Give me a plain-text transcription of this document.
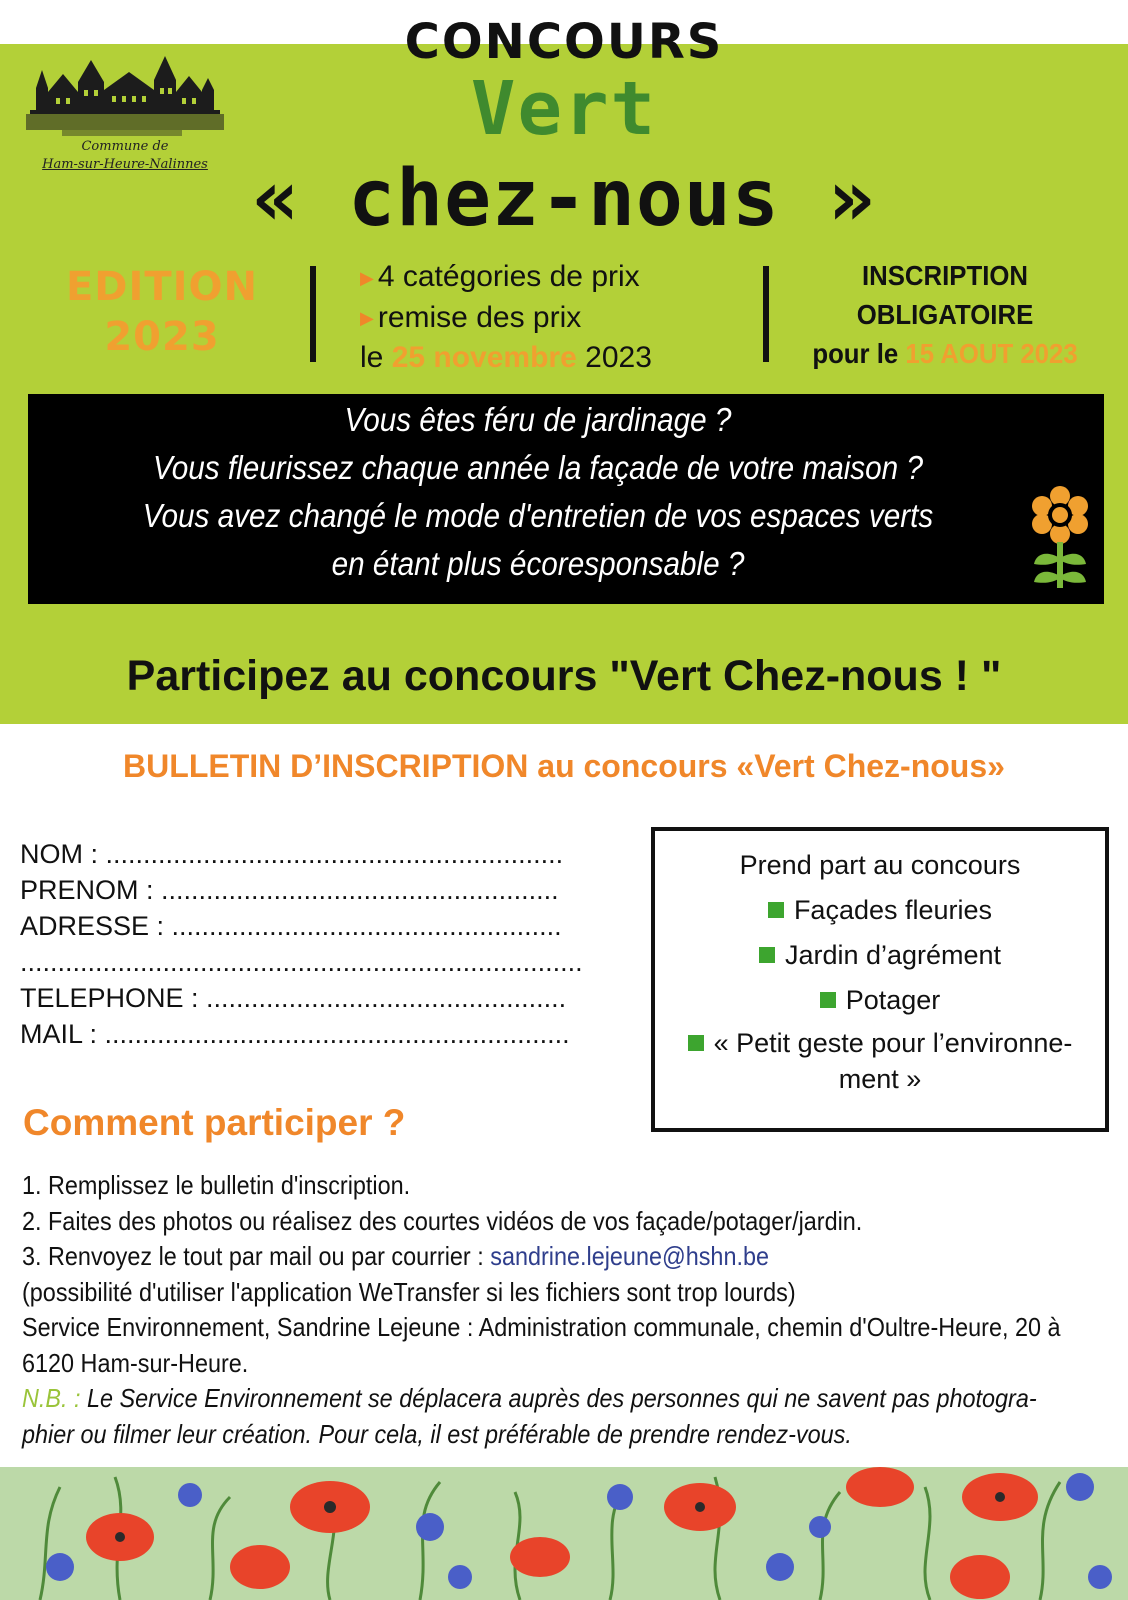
CONCOURS
Vert
« chez-nous »
Commune de
Ham-sur-Heure-Nalinnes
EDITION
2023
▶ 4 catégories de prix
▶ remise des prix
le 25 novembre 2023
INSCRIPTION
OBLIGATOIRE
pour le 15 AOUT 2023
Vous êtes féru de jardinage ?
Vous fleurissez chaque année la façade de votre maison ?
Vous avez changé le mode d'entretien de vos espaces verts
en étant plus écoresponsable ?
Participez au concours "Vert Chez-nous ! "
BULLETIN D’INSCRIPTION au concours «Vert Chez-nous»
NOM : .............................................................
PRENOM : .....................................................
ADRESSE : ....................................................
...........................................................................
TELEPHONE : ................................................
MAIL : ..............................................................
Prend part au concours
Façades fleuries
Jardin d’agrément
Potager
« Petit geste pour l’environne-
ment »
Comment participer ?

1. Remplissez le bulletin d'inscription.

2. Faites des photos ou réalisez des courtes vidéos de vos façade/potager/jardin.

3. Renvoyez le tout par mail ou par courrier : sandrine.lejeune@hshn.be

(possibilité d'utiliser l'application WeTransfer si les fichiers sont trop lourds)

Service Environnement, Sandrine Lejeune : Administration communale, chemin d'Oultre-Heure, 20 à

6120 Ham-sur-Heure.

N.B. : Le Service Environnement se déplacera auprès des personnes qui ne savent pas photogra-

phier ou filmer leur création. Pour cela, il est préférable de prendre rendez-vous.
